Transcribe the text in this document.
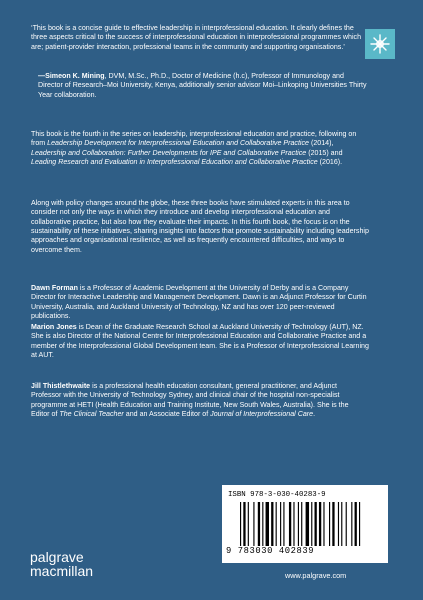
‘This book is a concise guide to effective leadership in interprofessional education. It clearly defines the three aspects critical to the success of interprofessional education in interprofessional programmes which are; patient-provider interaction, professional teams in the community and supporting organisations.’

—Simeon K. Mining, DVM, M.Sc., Ph.D., Doctor of Medicine (h.c), Professor of Immunology and Director of Research–Moi University, Kenya, additionally senior advisor Moi–Linkoping Universities Thirty Year collaboration.

This book is the fourth in the series on leadership, interprofessional education and practice, following on from Leadership Development for Interprofessional Education and Collaborative Practice (2014), Leadership and Collaboration: Further Developments for IPE and Collaborative Practice (2015) and Leading Research and Evaluation in Interprofessional Education and Collaborative Practice (2016).

Along with policy changes around the globe, these three books have stimulated experts in this area to consider not only the ways in which they introduce and develop interprofessional education and collaborative practice, but also how they evaluate their impacts. In this fourth book, the focus is on the sustainability of these initiatives, sharing insights into factors that promote sustainability including leadership approaches and organisational resilience, as well as frequently encountered difficulties, and ways to overcome them.

Dawn Forman is a Professor of Academic Development at the University of Derby and is a Company Director for Interactive Leadership and Management Development. Dawn is an Adjunct Professor for Curtin University, Australia, and Auckland University of Technology, NZ and has over 120 peer-reviewed publications.

Marion Jones is Dean of the Graduate Research School at Auckland University of Technology (AUT), NZ. She is also Director of the National Centre for Interprofessional Education and Collaborative Practice and a member of the Interprofessional Global Development team. She is a Professor of Interprofessional Learning at AUT.

Jill Thistlethwaite is a professional health education consultant, general practitioner, and Adjunct Professor with the University of Technology Sydney, and clinical chair of the hospital non-specialist programme at HETI (Health Education and Training Institute, New South Wales, Australia). She is the Editor of The Clinical Teacher and an Associate Editor of Journal of Interprofessional Care.

ISBN 978-3-030-40283-9
9 783030 402839
palgrave
macmillan	www.palgrave.com
